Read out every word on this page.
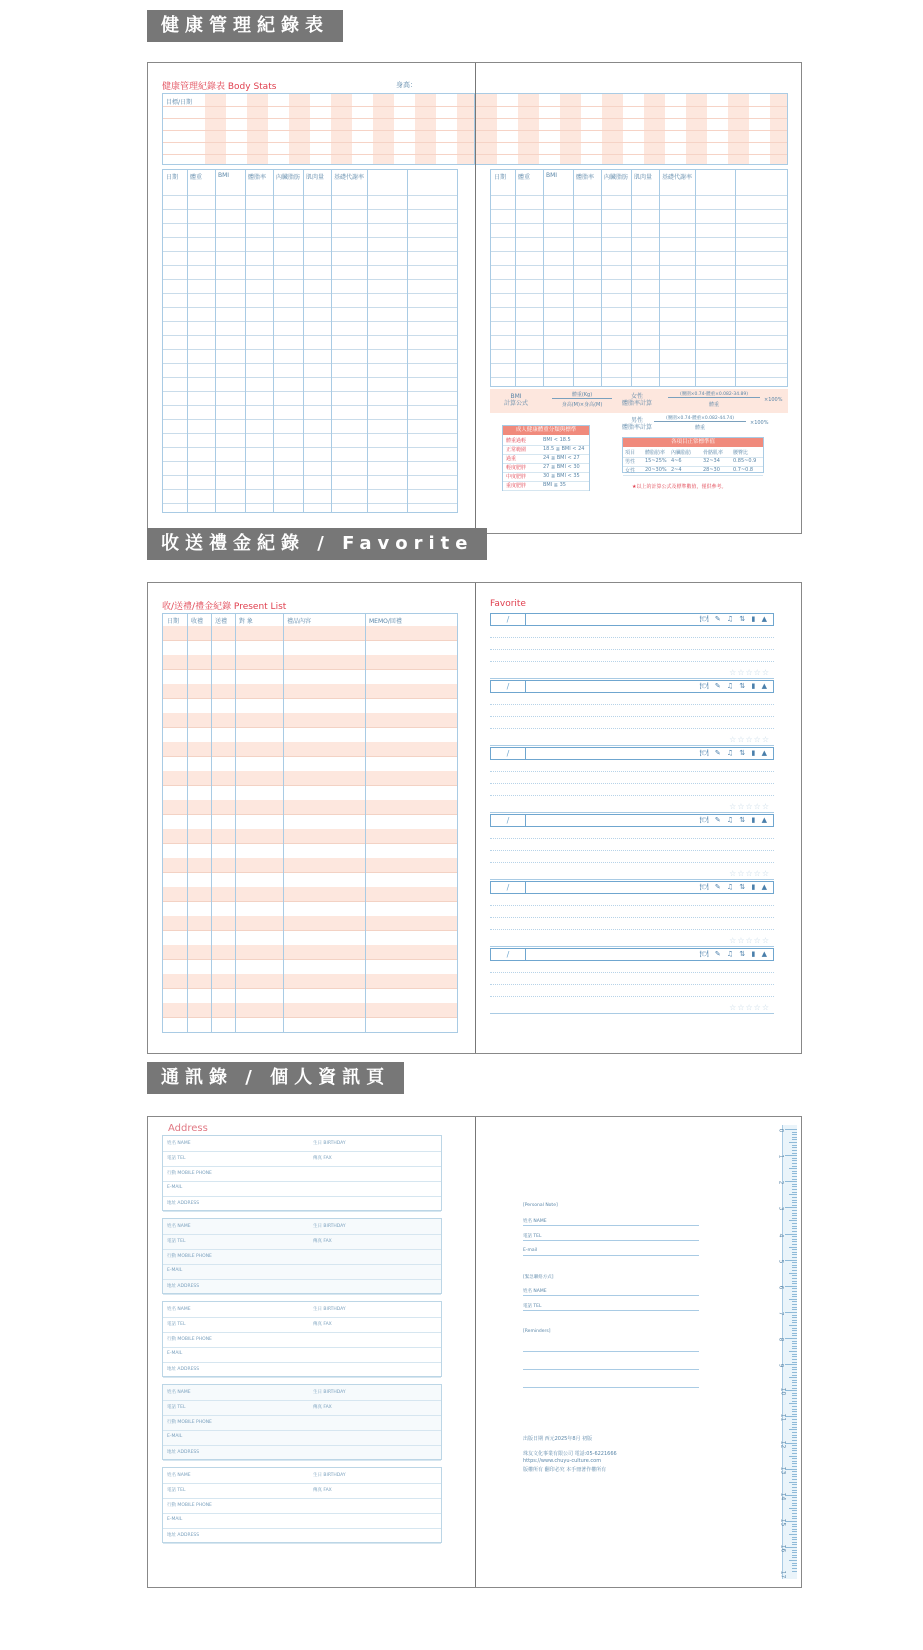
健康管理紀錄表
健康管理紀錄表 Body Stats	身高：
目標/日期
日期 體重	BMI	體脂率 內臟脂肪 肌肉量 基礎代謝率	日期 體重	BMI	體脂率 內臟脂肪 肌肉量 基礎代謝率
BMI
計算公式
體重(Kg)
身高(M)×身高(M)
女性
體脂率計算
(腰圍×0.74-體重×0.082-34.89)
體重
×100%
男性
體脂率計算
(腰圍×0.74-體重×0.082-44.74)
體重
×100%
成人健康體重分類與標準
體重過輕	BMI < 18.5
正常範圍	18.5 ≦ BMI < 24
過重	24 ≦ BMI < 27
輕度肥胖	27 ≦ BMI < 30
中度肥胖	30 ≦ BMI < 35
重度肥胖	BMI ≧ 35
各項目正常標準值
項目 體脂肪率 內臟脂肪 骨骼肌率 腰臀比
男性 15~25% 4~6	32~34	0.85~0.9
女性 20~30% 2~4	28~30	0.7~0.8
★以上的計算公式及標準數值，僅供參考。
收送禮金紀錄 / Favorite
收/送禮/禮金紀錄 Present List
日期 收禮 送禮 對 象	禮品內容	MEMO/回禮
Favorite
/	🍽 ✎ ♫ ⇅ ▮ ▲
☆☆☆☆☆
/	🍽 ✎ ♫ ⇅ ▮ ▲
☆☆☆☆☆
/	🍽 ✎ ♫ ⇅ ▮ ▲
☆☆☆☆☆
/	🍽 ✎ ♫ ⇅ ▮ ▲
☆☆☆☆☆
/	🍽 ✎ ♫ ⇅ ▮ ▲
☆☆☆☆☆
/	🍽 ✎ ♫ ⇅ ▮ ▲
☆☆☆☆☆
通訊錄 / 個人資訊頁
Address
姓名 NAME	生日 BIRTHDAY
電話 TEL	傳真 FAX
行動 MOBILE PHONE
E-MAIL
地址 ADDRESS
姓名 NAME	生日 BIRTHDAY
電話 TEL	傳真 FAX
行動 MOBILE PHONE
E-MAIL
地址 ADDRESS
姓名 NAME	生日 BIRTHDAY
電話 TEL	傳真 FAX
行動 MOBILE PHONE
E-MAIL
地址 ADDRESS
姓名 NAME	生日 BIRTHDAY
電話 TEL	傳真 FAX
行動 MOBILE PHONE
E-MAIL
地址 ADDRESS
姓名 NAME	生日 BIRTHDAY
電話 TEL	傳真 FAX
行動 MOBILE PHONE
E-MAIL
地址 ADDRESS
[Personal Note]
姓名 NAME
電話 TEL
E-mail
[緊急聯絡方式]
姓名 NAME
電話 TEL
[Reminders]
出版日期 西元2025年8月 初版
珠友文化事業有限公司 電話:05-6221666
https://www.chuyu-culture.com
版權所有 翻印必究 本手冊著作權所有
0
1
2
3
4
5
6
7
8
9
10
11
12
13
14
15
16
17
